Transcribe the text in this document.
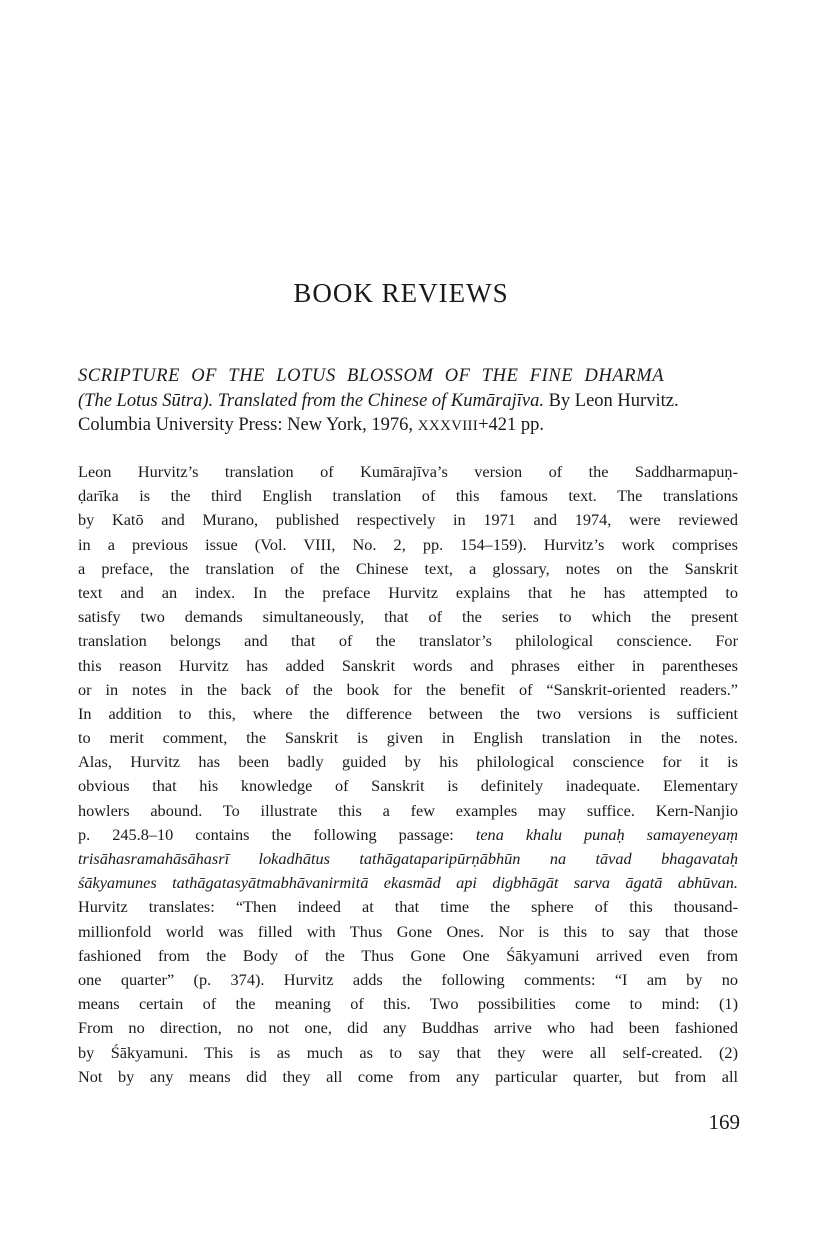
BOOK REVIEWS
SCRIPTURE OF THE LOTUS BLOSSOM OF THE FINE DHARMA
(The Lotus Sūtra). Translated from the Chinese of Kumārajīva. By Leon Hurvitz.
Columbia University Press: New York, 1976, XXXVIII+421 pp.
Leon Hurvitz’s translation of Kumārajīva’s version of the Saddharmapuṇ-
ḍarīka is the third English translation of this famous text. The translations
by Katō and Murano, published respectively in 1971 and 1974, were reviewed
in a previous issue (Vol. VIII, No. 2, pp. 154–159). Hurvitz’s work comprises
a preface, the translation of the Chinese text, a glossary, notes on the Sanskrit
text and an index. In the preface Hurvitz explains that he has attempted to
satisfy two demands simultaneously, that of the series to which the present
translation belongs and that of the translator’s philological conscience. For
this reason Hurvitz has added Sanskrit words and phrases either in parentheses
or in notes in the back of the book for the benefit of “Sanskrit-oriented readers.”
In addition to this, where the difference between the two versions is sufficient
to merit comment, the Sanskrit is given in English translation in the notes.
Alas, Hurvitz has been badly guided by his philological conscience for it is
obvious that his knowledge of Sanskrit is definitely inadequate. Elementary
howlers abound. To illustrate this a few examples may suffice. Kern-Nanjio
p. 245.8–10 contains the following passage: tena khalu punaḥ samayeneyaṃ
trisāhasramahāsāhasrī lokadhātus tathāgataparipūrṇābhūn na tāvad bhagavataḥ
śākyamunes tathāgatasyātmabhāvanirmitā ekasmād api digbhāgāt sarva āgatā abhūvan.
Hurvitz translates: “Then indeed at that time the sphere of this thousand-
millionfold world was filled with Thus Gone Ones. Nor is this to say that those
fashioned from the Body of the Thus Gone One Śākyamuni arrived even from
one quarter” (p. 374). Hurvitz adds the following comments: “I am by no
means certain of the meaning of this. Two possibilities come to mind: (1)
From no direction, no not one, did any Buddhas arrive who had been fashioned
by Śākyamuni. This is as much as to say that they were all self-created. (2)
Not by any means did they all come from any particular quarter, but from all
169
